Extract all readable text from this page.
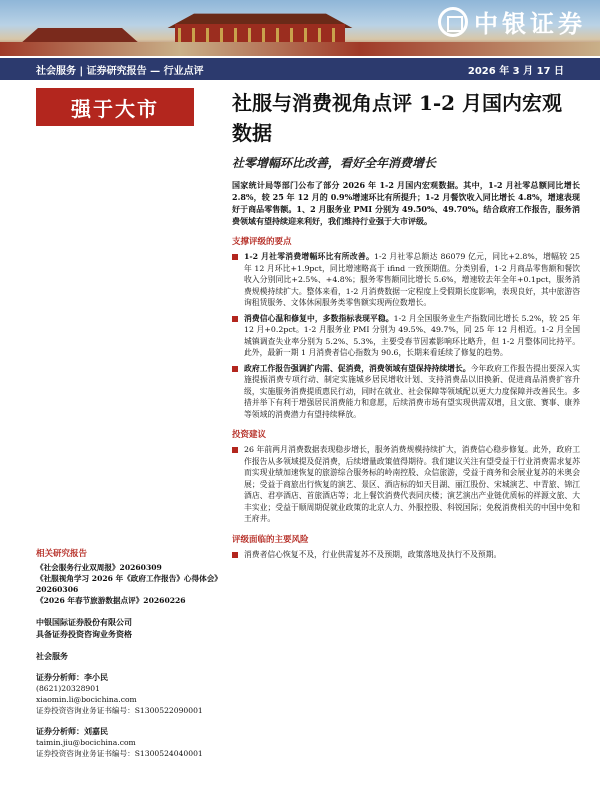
中银证券
社会服务 | 证券研究报告 — 行业点评	2026 年 3 月 17 日
强于大市	社服与消费视角点评 1-2 月国内宏观数据
社零增幅环比改善，看好全年消费增长
国家统计局等部门公布了部分 2026 年 1-2 月国内宏观数据。其中，1-2 月社零总额同比增长 2.8%，较 25 年 12 月的 0.9%增速环比有所提升；1-2 月餐饮收入同比增长 4.8%，增速表现好于商品零售额。1、2 月服务业 PMI 分别为 49.50%、49.70%。结合政府工作报告，服务消费领域有望持续迎来利好，我们维持行业强于大市评级。
支撑评级的要点
1-2 月社零消费增幅环比有所改善。1-2 月社零总额达 86079 亿元，同比+2.8%，增幅较 25 年 12 月环比+1.9pct，同比增速略高于 ifind 一致预期值。分类别看，1-2 月商品零售额和餐饮收入分别同比+2.5%、+4.8%；服务零售额同比增长 5.6%，增速较去年全年+0.1pct，服务消费规模持续扩大。整体来看，1-2 月消费数据一定程度上受假期长度影响，表现良好，其中旅游咨询租赁服务、文体休闲服务类零售额实现两位数增长。
消费信心温和修复中，多数指标表现平稳。1-2 月全国服务业生产指数同比增长 5.2%，较 25 年 12 月+0.2pct。1-2 月服务业 PMI 分别为 49.5%、49.7%，同 25 年 12 月相近。1-2 月全国城镇调查失业率分别为 5.2%、5.3%，主要受春节因素影响环比略升，但 1-2 月整体同比持平。此外，最新一期 1 月消费者信心指数为 90.6，长期来看延续了修复的趋势。
政府工作报告强调扩内需、促消费，消费领域有望保持持续增长。今年政府工作报告提出要深入实施提振消费专项行动、制定实施城乡居民增收计划、支持消费品以旧换新、促进商品消费扩容升级，实施服务消费提质惠民行动，同时在就业、社会保障等领域配以更大力度保障并改善民生。多措并举下有利于增强居民消费能力和意愿，后续消费市场有望实现供需双增，且文旅、赛事、康养等领域的消费潜力有望持续释放。
投资建议
26 年前两月消费数据表现稳步增长，服务消费规模持续扩大，消费信心稳步修复。此外，政府工作报告从多领域提及促消费，后续增量政策值得期待。我们建议关注有望受益于行业消费需求复苏而实现业绩加速恢复的旅游综合服务标的岭南控股、众信旅游，受益于商务和会展业复苏的米奥会展；受益于商旅出行恢复的演艺、景区、酒店标的如天目湖、丽江股份、宋城演艺、中青旅、锦江酒店、君亭酒店、首旅酒店等；北上餐饮消费代表同庆楼；演艺演出产业链优质标的祥源文旅、大丰实业；受益于顺周期促就业政策的北京人力、外服控股、科锐国际；免税消费相关的中国中免和王府井。
评级面临的主要风险
消费者信心恢复不及，行业供需复苏不及预期，政策落地及执行不及预期。
相关研究报告
《社会服务行业双周报》20260309
《社服视角学习 2026 年《政府工作报告》心得体会》20260306
《2026 年春节旅游数据点评》20260226
中银国际证券股份有限公司
具备证券投资咨询业务资格
社会服务
证券分析师：李小民
(8621)20328901
xiaomin.li@bocichina.com
证券投资咨询业务证书编号：S1300522090001
证券分析师：刘嘉民
taimin.jiu@bocichina.com
证券投资咨询业务证书编号：S1300524040001
